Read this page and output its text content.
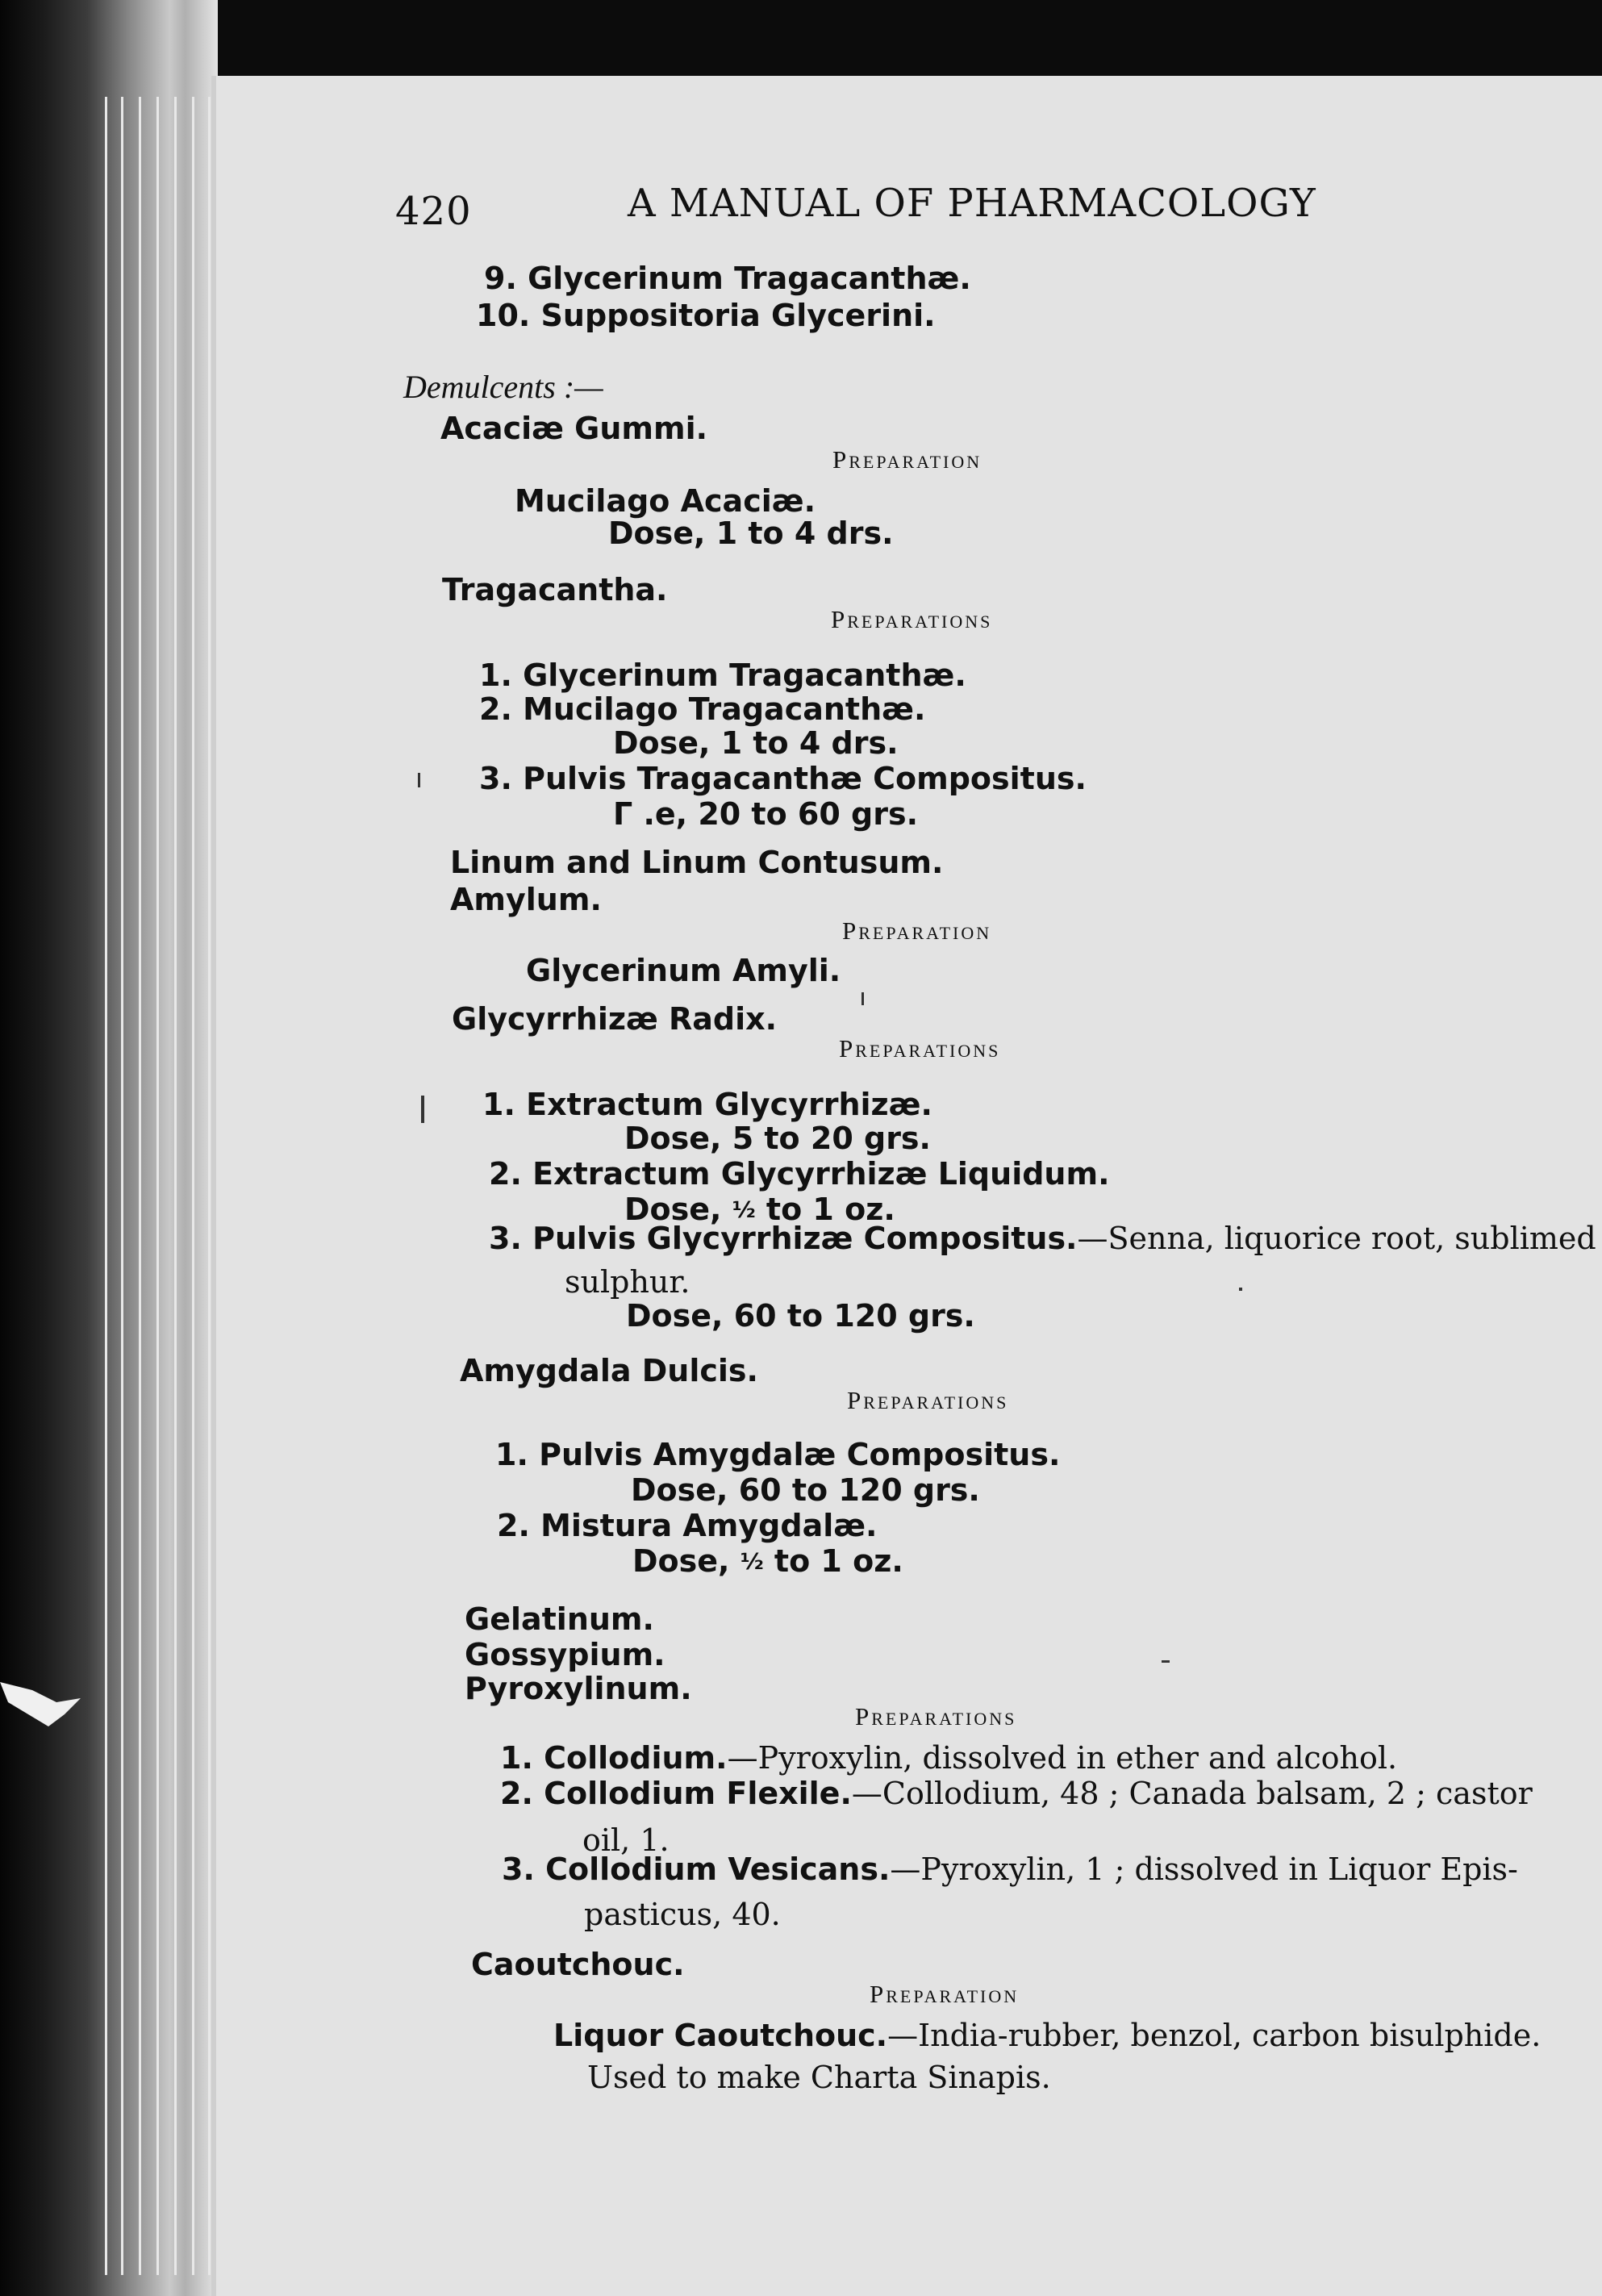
420	A MANUAL OF PHARMACOLOGY
9. Glycerinum Tragacanthæ.
10. Suppositoria Glycerini.
Demulcents :—
Acaciæ Gummi.
Preparation
Mucilago Acaciæ.
Dose, 1 to 4 drs.
Tragacantha.
Preparations
1. Glycerinum Tragacanthæ.
2. Mucilago Tragacanthæ.
Dose, 1 to 4 drs.
3. Pulvis Tragacanthæ Compositus.
Γ .e, 20 to 60 grs.
Linum and Linum Contusum.
Amylum.
Preparation
Glycerinum Amyli.
Glycyrrhizæ Radix.
Preparations
1. Extractum Glycyrrhizæ.
Dose, 5 to 20 grs.
2. Extractum Glycyrrhizæ Liquidum.
Dose, ½ to 1 oz.
3. Pulvis Glycyrrhizæ Compositus.—Senna, liquorice root, sublimed
sulphur.
Dose, 60 to 120 grs.
Amygdala Dulcis.
Preparations
1. Pulvis Amygdalæ Compositus.
Dose, 60 to 120 grs.
2. Mistura Amygdalæ.
Dose, ½ to 1 oz.
Gelatinum.
Gossypium.
Pyroxylinum.
Preparations
1. Collodium.—Pyroxylin, dissolved in ether and alcohol.
2. Collodium Flexile.—Collodium, 48 ; Canada balsam, 2 ; castor
oil, 1.
3. Collodium Vesicans.—Pyroxylin, 1 ; dissolved in Liquor Epis-
pasticus, 40.
Caoutchouc.
Preparation
Liquor Caoutchouc.—India-rubber, benzol, carbon bisulphide.
Used to make Charta Sinapis.
